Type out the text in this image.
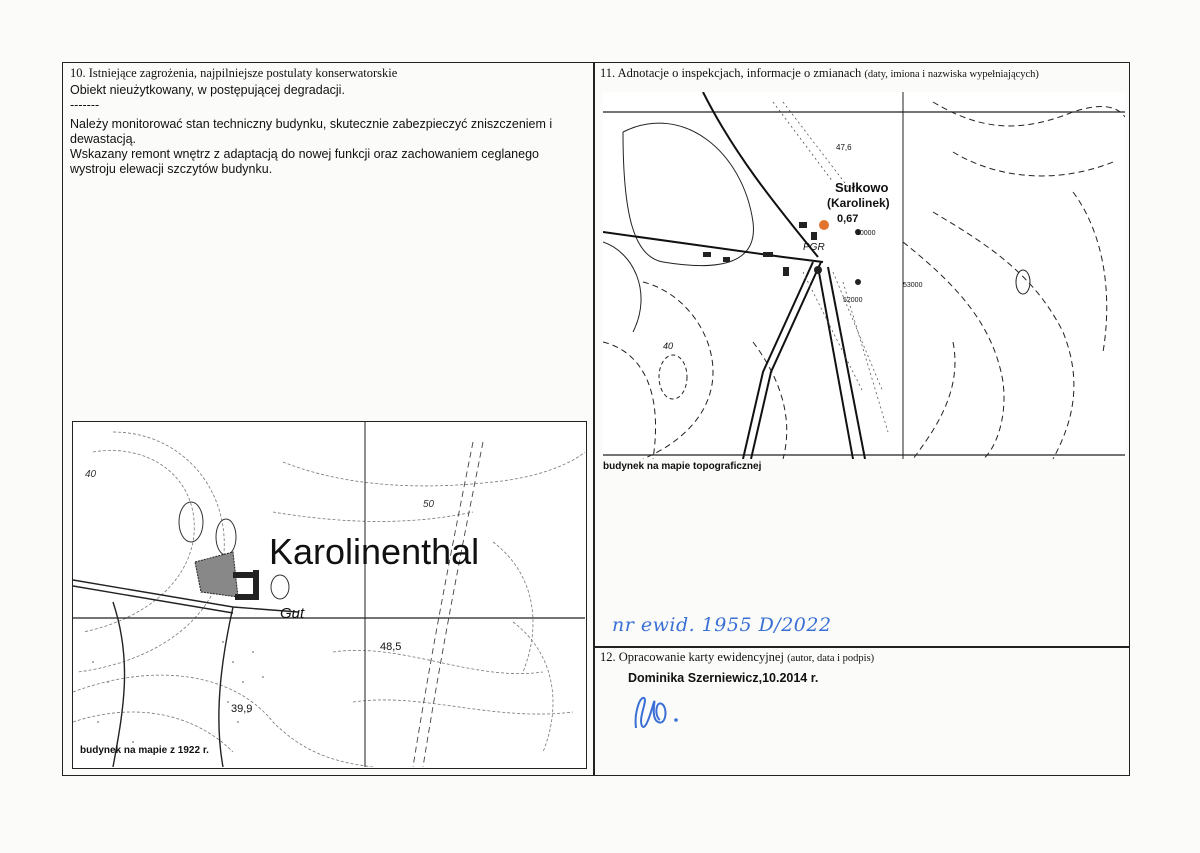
10. Istniejące zagrożenia, najpilniejsze postulaty konserwatorskie
Obiekt nieużytkowany, w postępującej degradacji.
-------
Należy monitorować stan techniczny budynku, skutecznie zabezpieczyć zniszczeniem i dewastacją.
Wskazany remont wnętrz z adaptacją do nowej funkcji oraz zachowaniem ceglanego wystroju elewacji szczytów budynku.
Karolinenthal
Gut
50
48,5
39,9
40
budynek na mapie z 1922 r.
11. Adnotacje o inspekcjach, informacje o zmianach (daty, imiona i nazwiska wypełniających)
Sułkowo
(Karolinek)
0,67
PGR
47,6
10000
53000
52000
40
budynek na mapie topograficznej
nr ewid. 1955 D/2022
12. Opracowanie karty ewidencyjnej (autor, data i podpis)
Dominika Szerniewicz,10.2014 r.
